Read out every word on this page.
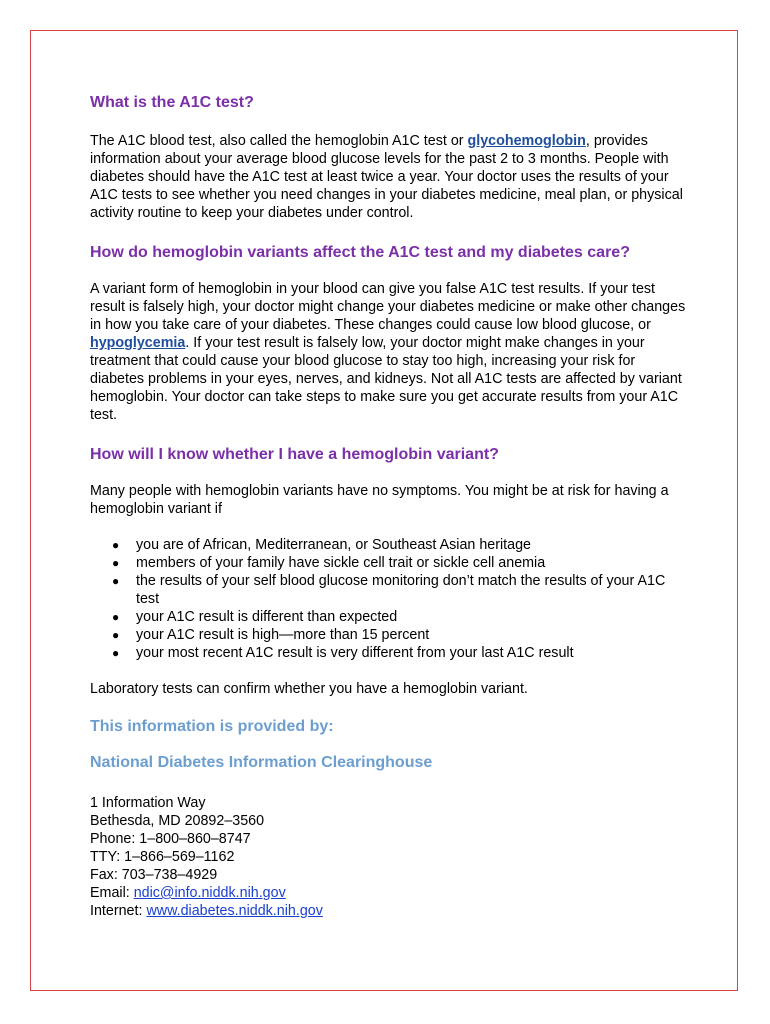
What is the A1C test?

The A1C blood test, also called the hemoglobin A1C test or glycohemoglobin, provides information about your average blood glucose levels for the past 2 to 3 months. People with diabetes should have the A1C test at least twice a year. Your doctor uses the results of your A1C tests to see whether you need changes in your diabetes medicine, meal plan, or physical activity routine to keep your diabetes under control.

How do hemoglobin variants affect the A1C test and my diabetes care?

A variant form of hemoglobin in your blood can give you false A1C test results. If your test result is falsely high, your doctor might change your diabetes medicine or make other changes in how you take care of your diabetes. These changes could cause low blood glucose, or hypoglycemia. If your test result is falsely low, your doctor might make changes in your treatment that could cause your blood glucose to stay too high, increasing your risk for diabetes problems in your eyes, nerves, and kidneys. Not all A1C tests are affected by variant hemoglobin. Your doctor can take steps to make sure you get accurate results from your A1C test.

How will I know whether I have a hemoglobin variant?

Many people with hemoglobin variants have no symptoms. You might be at risk for having a hemoglobin variant if

● you are of African, Mediterranean, or Southeast Asian heritage
● members of your family have sickle cell trait or sickle cell anemia
● the results of your self blood glucose monitoring don’t match the results of your A1C test
● your A1C result is different than expected
● your A1C result is high—more than 15 percent
● your most recent A1C result is very different from your last A1C result

Laboratory tests can confirm whether you have a hemoglobin variant.

This information is provided by:
National Diabetes Information Clearinghouse

1 Information Way

Bethesda, MD 20892–3560

Phone: 1–800–860–8747

TTY: 1–866–569–1162

Fax: 703–738–4929

Email: ndic@info.niddk.nih.gov

Internet: www.diabetes.niddk.nih.gov
